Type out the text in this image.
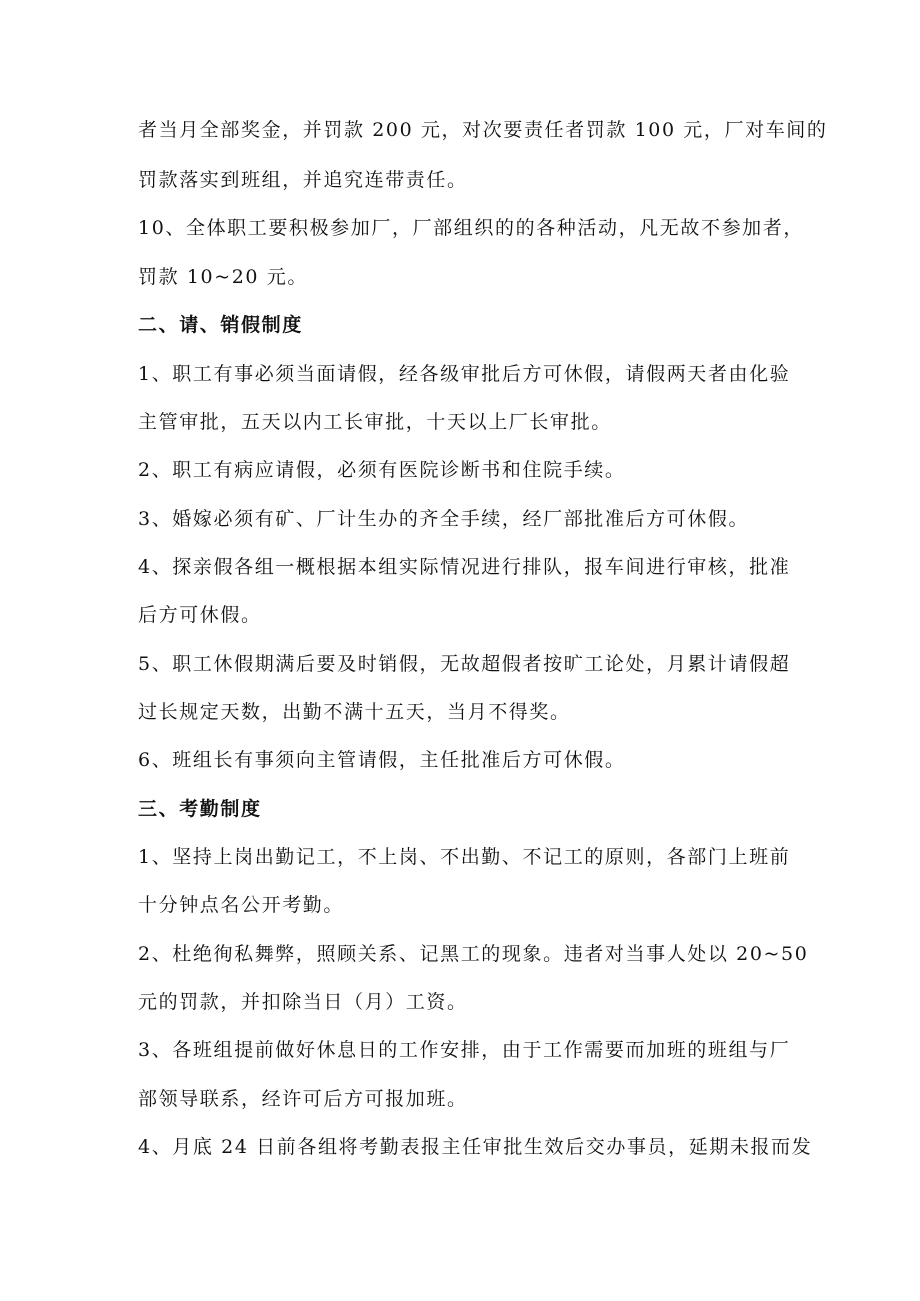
者当月全部奖金，并罚款 200 元，对次要责任者罚款 100 元，厂对车间的
罚款落实到班组，并追究连带责任。
10、全体职工要积极参加厂，厂部组织的的各种活动，凡无故不参加者，
罚款 10~20 元。
二、请、销假制度
1、职工有事必须当面请假，经各级审批后方可休假，请假两天者由化验
主管审批，五天以内工长审批，十天以上厂长审批。
2、职工有病应请假，必须有医院诊断书和住院手续。
3、婚嫁必须有矿、厂计生办的齐全手续，经厂部批准后方可休假。
4、探亲假各组一概根据本组实际情况进行排队，报车间进行审核，批准
后方可休假。
5、职工休假期满后要及时销假，无故超假者按旷工论处，月累计请假超
过长规定天数，出勤不满十五天，当月不得奖。
6、班组长有事须向主管请假，主任批准后方可休假。
三、考勤制度
1、坚持上岗出勤记工，不上岗、不出勤、不记工的原则，各部门上班前
十分钟点名公开考勤。
2、杜绝徇私舞弊，照顾关系、记黑工的现象。违者对当事人处以 20~50
元的罚款，并扣除当日（月）工资。
3、各班组提前做好休息日的工作安排，由于工作需要而加班的班组与厂
部领导联系，经许可后方可报加班。
4、月底 24 日前各组将考勤表报主任审批生效后交办事员，延期未报而发
